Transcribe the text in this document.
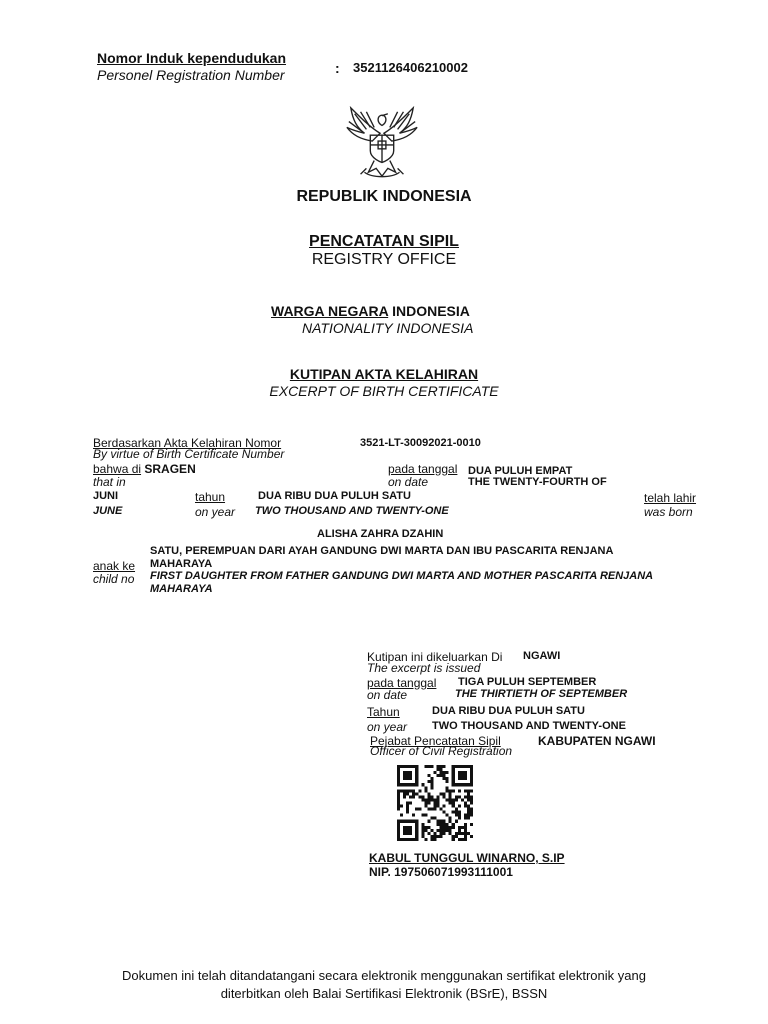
Nomor Induk kependudukan
Personel Registration Number	: 3521126406210002
REPUBLIK INDONESIA
PENCATATAN SIPIL
REGISTRY OFFICE
WARGA NEGARA INDONESIA
NATIONALITY INDONESIA
KUTIPAN AKTA KELAHIRAN
EXCERPT OF BIRTH CERTIFICATE
Berdasarkan Akta Kelahiran Nomor
By virtue of Birth Certificate Number
3521-LT-30092021-0010
bahwa di SRAGEN
that in
pada tanggal
on date
DUA PULUH EMPAT
THE TWENTY-FOURTH OF
JUNI
JUNE
tahun
on year
DUA RIBU DUA PULUH SATU
TWO THOUSAND AND TWENTY-ONE
telah lahir
was born
ALISHA ZAHRA DZAHIN
SATU, PEREMPUAN DARI AYAH GANDUNG DWI MARTA DAN IBU PASCARITA RENJANA
anak ke MAHARAYA
child no FIRST DAUGHTER FROM FATHER GANDUNG DWI MARTA AND MOTHER PASCARITA RENJANA
MAHARAYA
Kutipan ini dikeluarkan Di
The excerpt is issued
NGAWI
pada tanggal
on date
TIGA PULUH SEPTEMBER
THE THIRTIETH OF SEPTEMBER
Tahun
on year
DUA RIBU DUA PULUH SATU
TWO THOUSAND AND TWENTY-ONE
Pejabat Pencatatan Sipil
Officer of Civil Registration
KABUPATEN NGAWI
KABUL TUNGGUL WINARNO, S.IP
NIP. 197506071993111001
Dokumen ini telah ditandatangani secara elektronik menggunakan sertifikat elektronik yang
diterbitkan oleh Balai Sertifikasi Elektronik (BSrE), BSSN
